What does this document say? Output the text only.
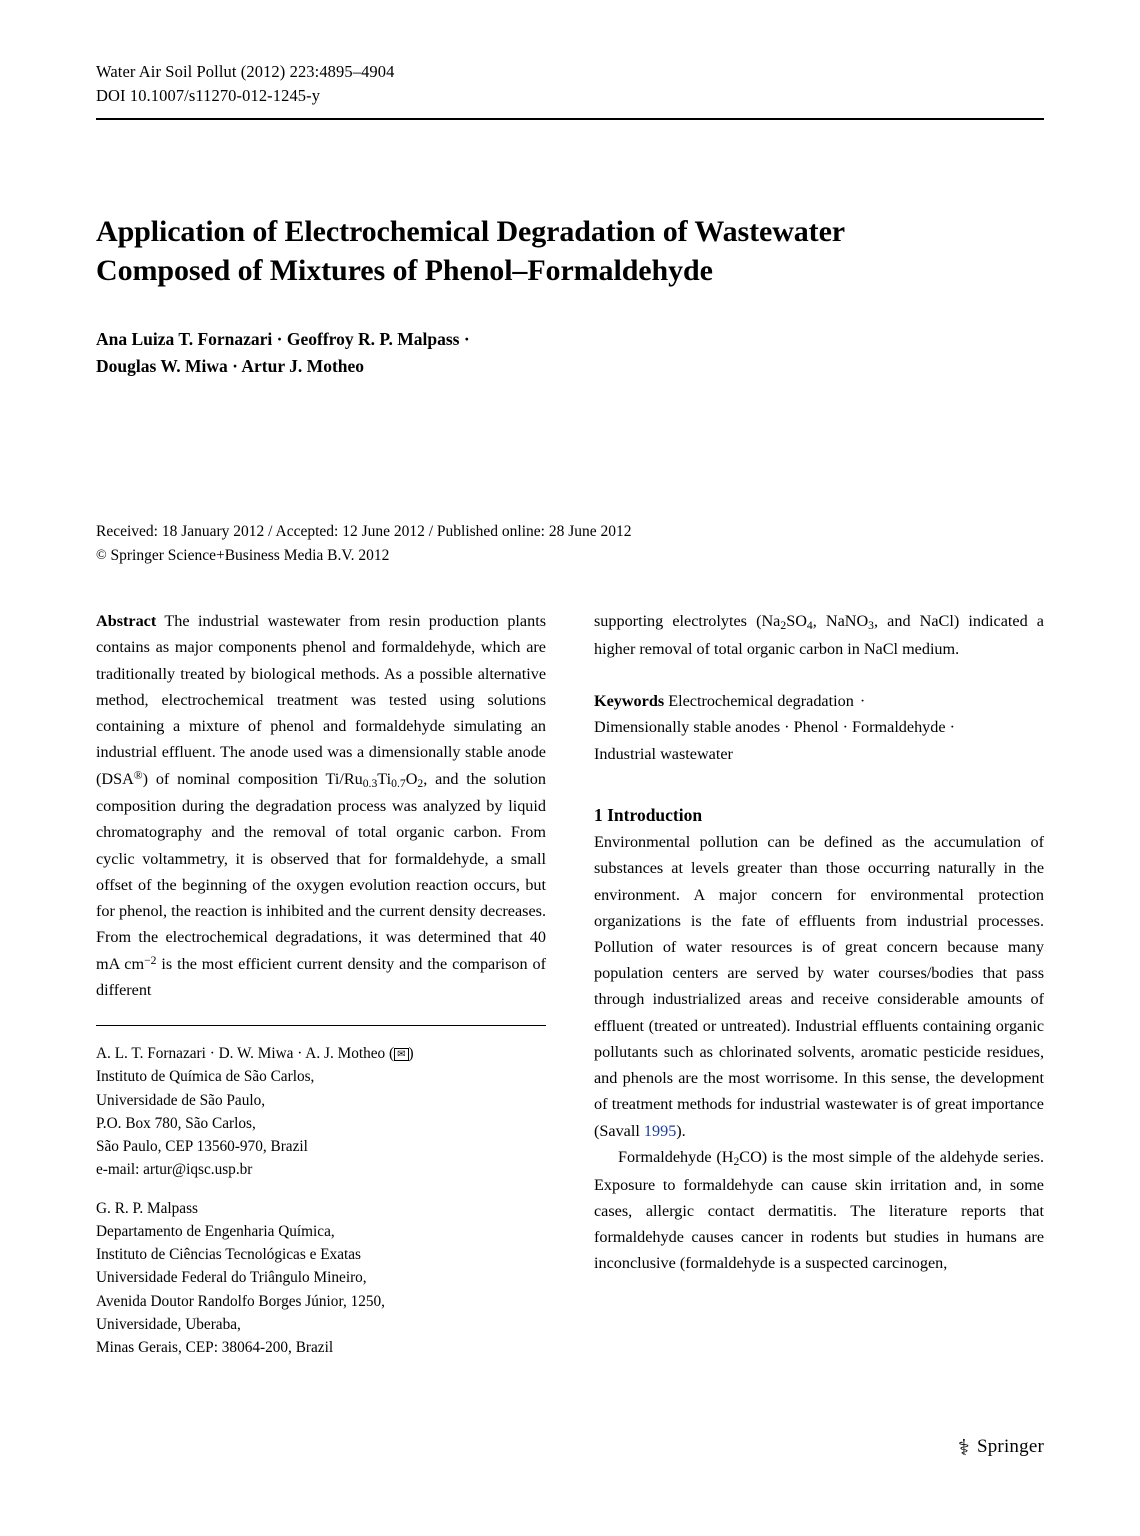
Water Air Soil Pollut (2012) 223:4895–4904
DOI 10.1007/s11270-012-1245-y
Application of Electrochemical Degradation of Wastewater
Composed of Mixtures of Phenol–Formaldehyde
Ana Luiza T. Fornazari · Geoffroy R. P. Malpass ·
Douglas W. Miwa · Artur J. Motheo
Received: 18 January 2012 / Accepted: 12 June 2012 / Published online: 28 June 2012
© Springer Science+Business Media B.V. 2012

Abstract The industrial wastewater from resin production plants contains as major components phenol and formaldehyde, which are traditionally treated by biological methods. As a possible alternative method, electrochemical treatment was tested using solutions containing a mixture of phenol and formaldehyde simulating an industrial effluent. The anode used was a dimensionally stable anode (DSA®) of nominal composition $Ti/Ru_{0.3}Ti_{0.7}O_2$, and the solution composition during the degradation process was analyzed by liquid chromatography and the removal of total organic carbon. From cyclic voltammetry, it is observed that for formaldehyde, a small offset of the beginning of the oxygen evolution reaction occurs, but for phenol, the reaction is inhibited and the current density decreases. From the electrochemical degradations, it was determined that 40 mA $cm^{-2}$ is the most efficient current density and the comparison of different

A. L. T. Fornazari · D. W. Miwa · A. J. Motheo ( ✉ )

Instituto de Química de São Carlos,

Universidade de São Paulo,

P.O. Box 780, São Carlos,

São Paulo, CEP 13560-970, Brazil

e-mail: artur@iqsc.usp.br

G. R. P. Malpass

Departamento de Engenharia Química,

Instituto de Ciências Tecnológicas e Exatas

Universidade Federal do Triângulo Mineiro,

Avenida Doutor Randolfo Borges Júnior, 1250,

Universidade, Uberaba,

Minas Gerais, CEP: 38064-200, Brazil

supporting electrolytes ($Na_2SO_4$, NaNO$_3$, and NaCl) indicated a higher removal of total organic carbon in NaCl medium.

Keywords Electrochemical degradation ·

Dimensionally stable anodes · Phenol · Formaldehyde ·

Industrial wastewater

1 Introduction

Environmental pollution can be defined as the accumulation of substances at levels greater than those occurring naturally in the environment. A major concern for environmental protection organizations is the fate of effluents from industrial processes. Pollution of water resources is of great concern because many population centers are served by water courses/bodies that pass through industrialized areas and receive considerable amounts of effluent (treated or untreated). Industrial effluents containing organic pollutants such as chlorinated solvents, aromatic pesticide residues, and phenols are the most worrisome. In this sense, the development of treatment methods for industrial wastewater is of great importance (Savall 1995).

Formaldehyde $(H_2CO)$ is the most simple of the aldehyde series. Exposure to formaldehyde can cause skin irritation and, in some cases, allergic contact dermatitis. The literature reports that formaldehyde causes cancer in rodents but studies in humans are inconclusive (formaldehyde is a suspected carcinogen,

⚕ Springer
